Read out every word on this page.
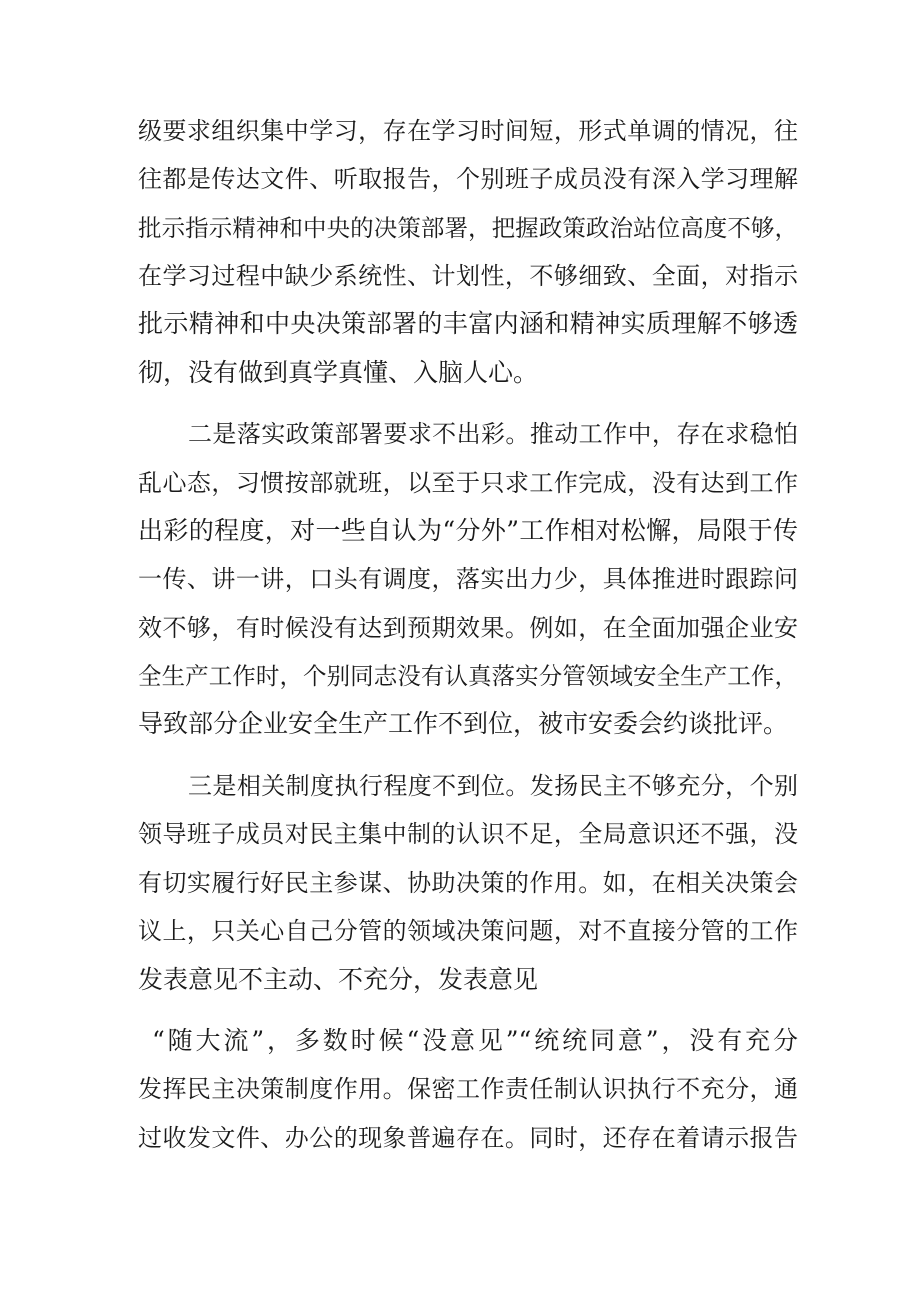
级要求组织集中学习，存在学习时间短，形式单调的情况，往
往都是传达文件、听取报告，个别班子成员没有深入学习理解
批示指示精神和中央的决策部署，把握政策政治站位高度不够，
在学习过程中缺少系统性、计划性，不够细致、全面，对指示
批示精神和中央决策部署的丰富内涵和精神实质理解不够透
彻，没有做到真学真懂、入脑人心。
二是落实政策部署要求不出彩。推动工作中，存在求稳怕
乱心态，习惯按部就班，以至于只求工作完成，没有达到工作
出彩的程度，对一些自认为“分外”工作相对松懈，局限于传
一传、讲一讲，口头有调度，落实出力少，具体推进时跟踪问
效不够，有时候没有达到预期效果。例如，在全面加强企业安
全生产工作时，个别同志没有认真落实分管领域安全生产工作，
导致部分企业安全生产工作不到位，被市安委会约谈批评。
三是相关制度执行程度不到位。发扬民主不够充分，个别
领导班子成员对民主集中制的认识不足，全局意识还不强，没
有切实履行好民主参谋、协助决策的作用。如，在相关决策会
议上，只关心自己分管的领域决策问题，对不直接分管的工作
发表意见不主动、不充分，发表意见
“随大流”，多数时候“没意见”“统统同意”，没有充分
发挥民主决策制度作用。保密工作责任制认识执行不充分，通
过收发文件、办公的现象普遍存在。同时，还存在着请示报告
